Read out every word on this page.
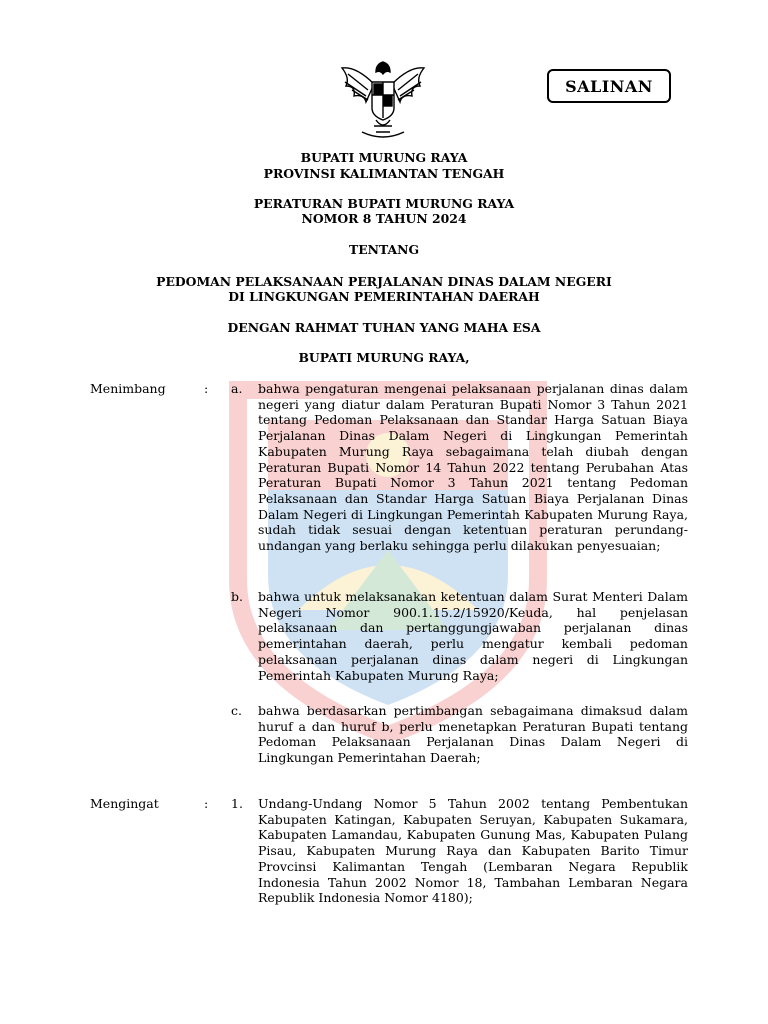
SALINAN
BUPATI MURUNG RAYA
PROVINSI KALIMANTAN TENGAH
PERATURAN BUPATI MURUNG RAYA
NOMOR 8 TAHUN 2024
TENTANG
PEDOMAN PELAKSANAAN PERJALANAN DINAS DALAM NEGERI
DI LINGKUNGAN PEMERINTAHAN DAERAH
DENGAN RAHMAT TUHAN YANG MAHA ESA
BUPATI MURUNG RAYA,
Menimbang	: a. bahwa pengaturan mengenai pelaksanaan perjalanan dinas dalam negeri yang diatur dalam Peraturan Bupati Nomor 3 Tahun 2021 tentang Pedoman Pelaksanaan dan Standar Harga Satuan Biaya Perjalanan Dinas Dalam Negeri di Lingkungan Pemerintah Kabupaten Murung Raya sebagaimana telah diubah dengan Peraturan Bupati Nomor 14 Tahun 2022 tentang Perubahan Atas Peraturan Bupati Nomor 3 Tahun 2021 tentang Pedoman Pelaksanaan dan Standar Harga Satuan Biaya Perjalanan Dinas Dalam Negeri di Lingkungan Pemerintah Kabupaten Murung Raya, sudah tidak sesuai dengan ketentuan peraturan perundang-undangan yang berlaku sehingga perlu dilakukan penyesuaian;

b. bahwa untuk melaksanakan ketentuan dalam Surat Menteri Dalam Negeri Nomor 900.1.15.2/15920/Keuda, hal penjelasan pelaksanaan dan pertanggungjawaban perjalanan dinas pemerintahan daerah, perlu mengatur kembali pedoman pelaksanaan perjalanan dinas dalam negeri di Lingkungan Pemerintah Kabupaten Murung Raya;

c. bahwa berdasarkan pertimbangan sebagaimana dimaksud dalam huruf a dan huruf b, perlu menetapkan Peraturan Bupati tentang Pedoman Pelaksanaan Perjalanan Dinas Dalam Negeri di Lingkungan Pemerintahan Daerah;

Mengingat	: 1. Undang-Undang Nomor 5 Tahun 2002 tentang Pembentukan Kabupaten Katingan, Kabupaten Seruyan, Kabupaten Sukamara, Kabupaten Lamandau, Kabupaten Gunung Mas, Kabupaten Pulang Pisau, Kabupaten Murung Raya dan Kabupaten Barito Timur Provcinsi Kalimantan Tengah (Lembaran Negara Republik Indonesia Tahun 2002 Nomor 18, Tambahan Lembaran Negara Republik Indonesia Nomor 4180);
